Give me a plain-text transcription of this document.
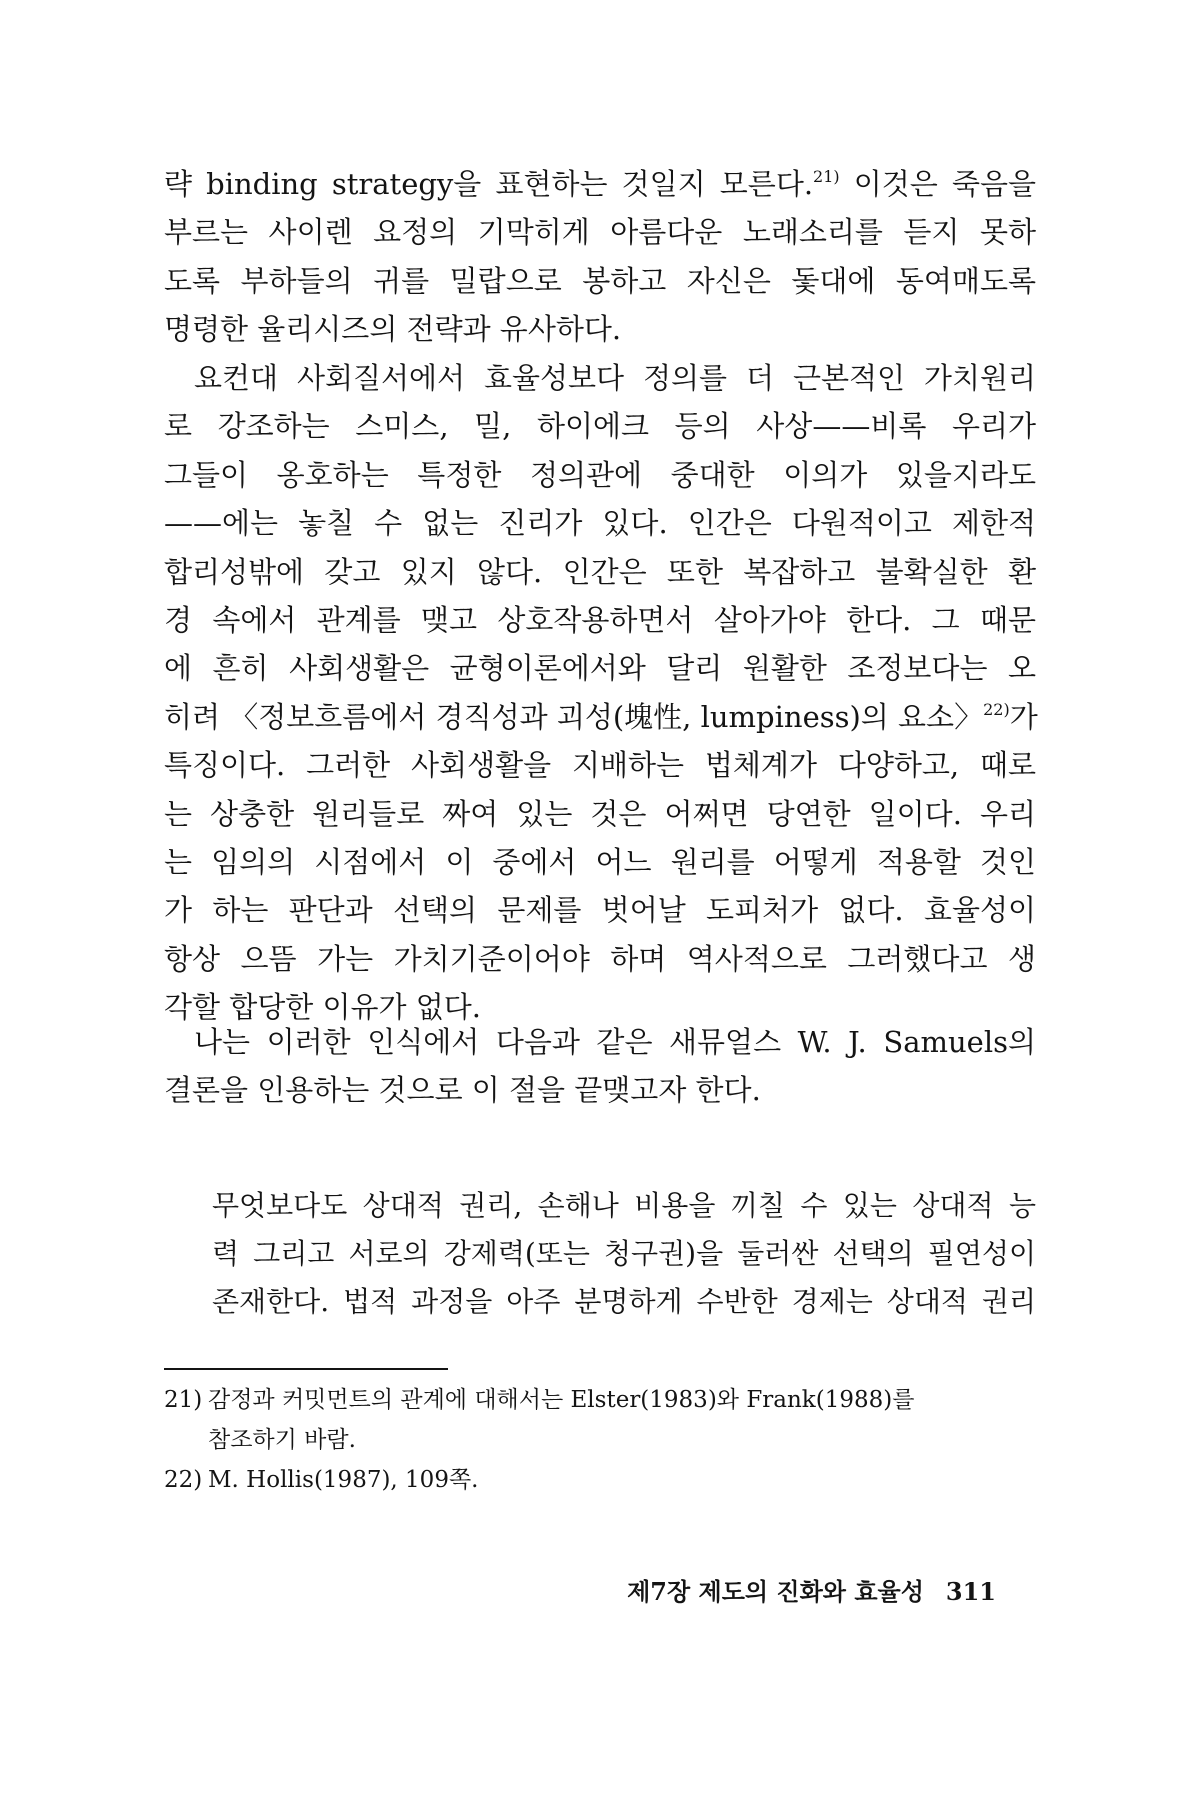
략 binding strategy을 표현하는 것일지 모른다.$^{21)}$ 이것은 죽음을
부르는 사이렌 요정의 기막히게 아름다운 노래소리를 듣지 못하
도록 부하들의 귀를 밀랍으로 봉하고 자신은 돛대에 동여매도록
명령한 율리시즈의 전략과 유사하다.
요컨대 사회질서에서 효율성보다 정의를 더 근본적인 가치원리
로 강조하는 스미스, 밀, 하이에크 등의 사상——비록 우리가
그들이 옹호하는 특정한 정의관에 중대한 이의가 있을지라도
——에는 놓칠 수 없는 진리가 있다. 인간은 다원적이고 제한적
합리성밖에 갖고 있지 않다. 인간은 또한 복잡하고 불확실한 환
경 속에서 관계를 맺고 상호작용하면서 살아가야 한다. 그 때문
에 흔히 사회생활은 균형이론에서와 달리 원활한 조정보다는 오
히려 〈정보흐름에서 경직성과 괴성(塊性, lumpiness)의 요소〉$^{22)}$가
특징이다. 그러한 사회생활을 지배하는 법체계가 다양하고, 때로
는 상충한 원리들로 짜여 있는 것은 어쩌면 당연한 일이다. 우리
는 임의의 시점에서 이 중에서 어느 원리를 어떻게 적용할 것인
가 하는 판단과 선택의 문제를 벗어날 도피처가 없다. 효율성이
항상 으뜸 가는 가치기준이어야 하며 역사적으로 그러했다고 생
각할 합당한 이유가 없다.
나는 이러한 인식에서 다음과 같은 새뮤얼스 W. J. Samuels의
결론을 인용하는 것으로 이 절을 끝맺고자 한다.
무엇보다도 상대적 권리, 손해나 비용을 끼칠 수 있는 상대적 능
력 그리고 서로의 강제력(또는 청구권)을 둘러싼 선택의 필연성이
존재한다. 법적 과정을 아주 분명하게 수반한 경제는 상대적 권리
21) 감정과 커밋먼트의 관계에 대해서는 Elster(1983)와 Frank(1988)를
참조하기 바람.
22) M. Hollis(1987), 109쪽.
제7장 제도의 진화와 효율성 311
